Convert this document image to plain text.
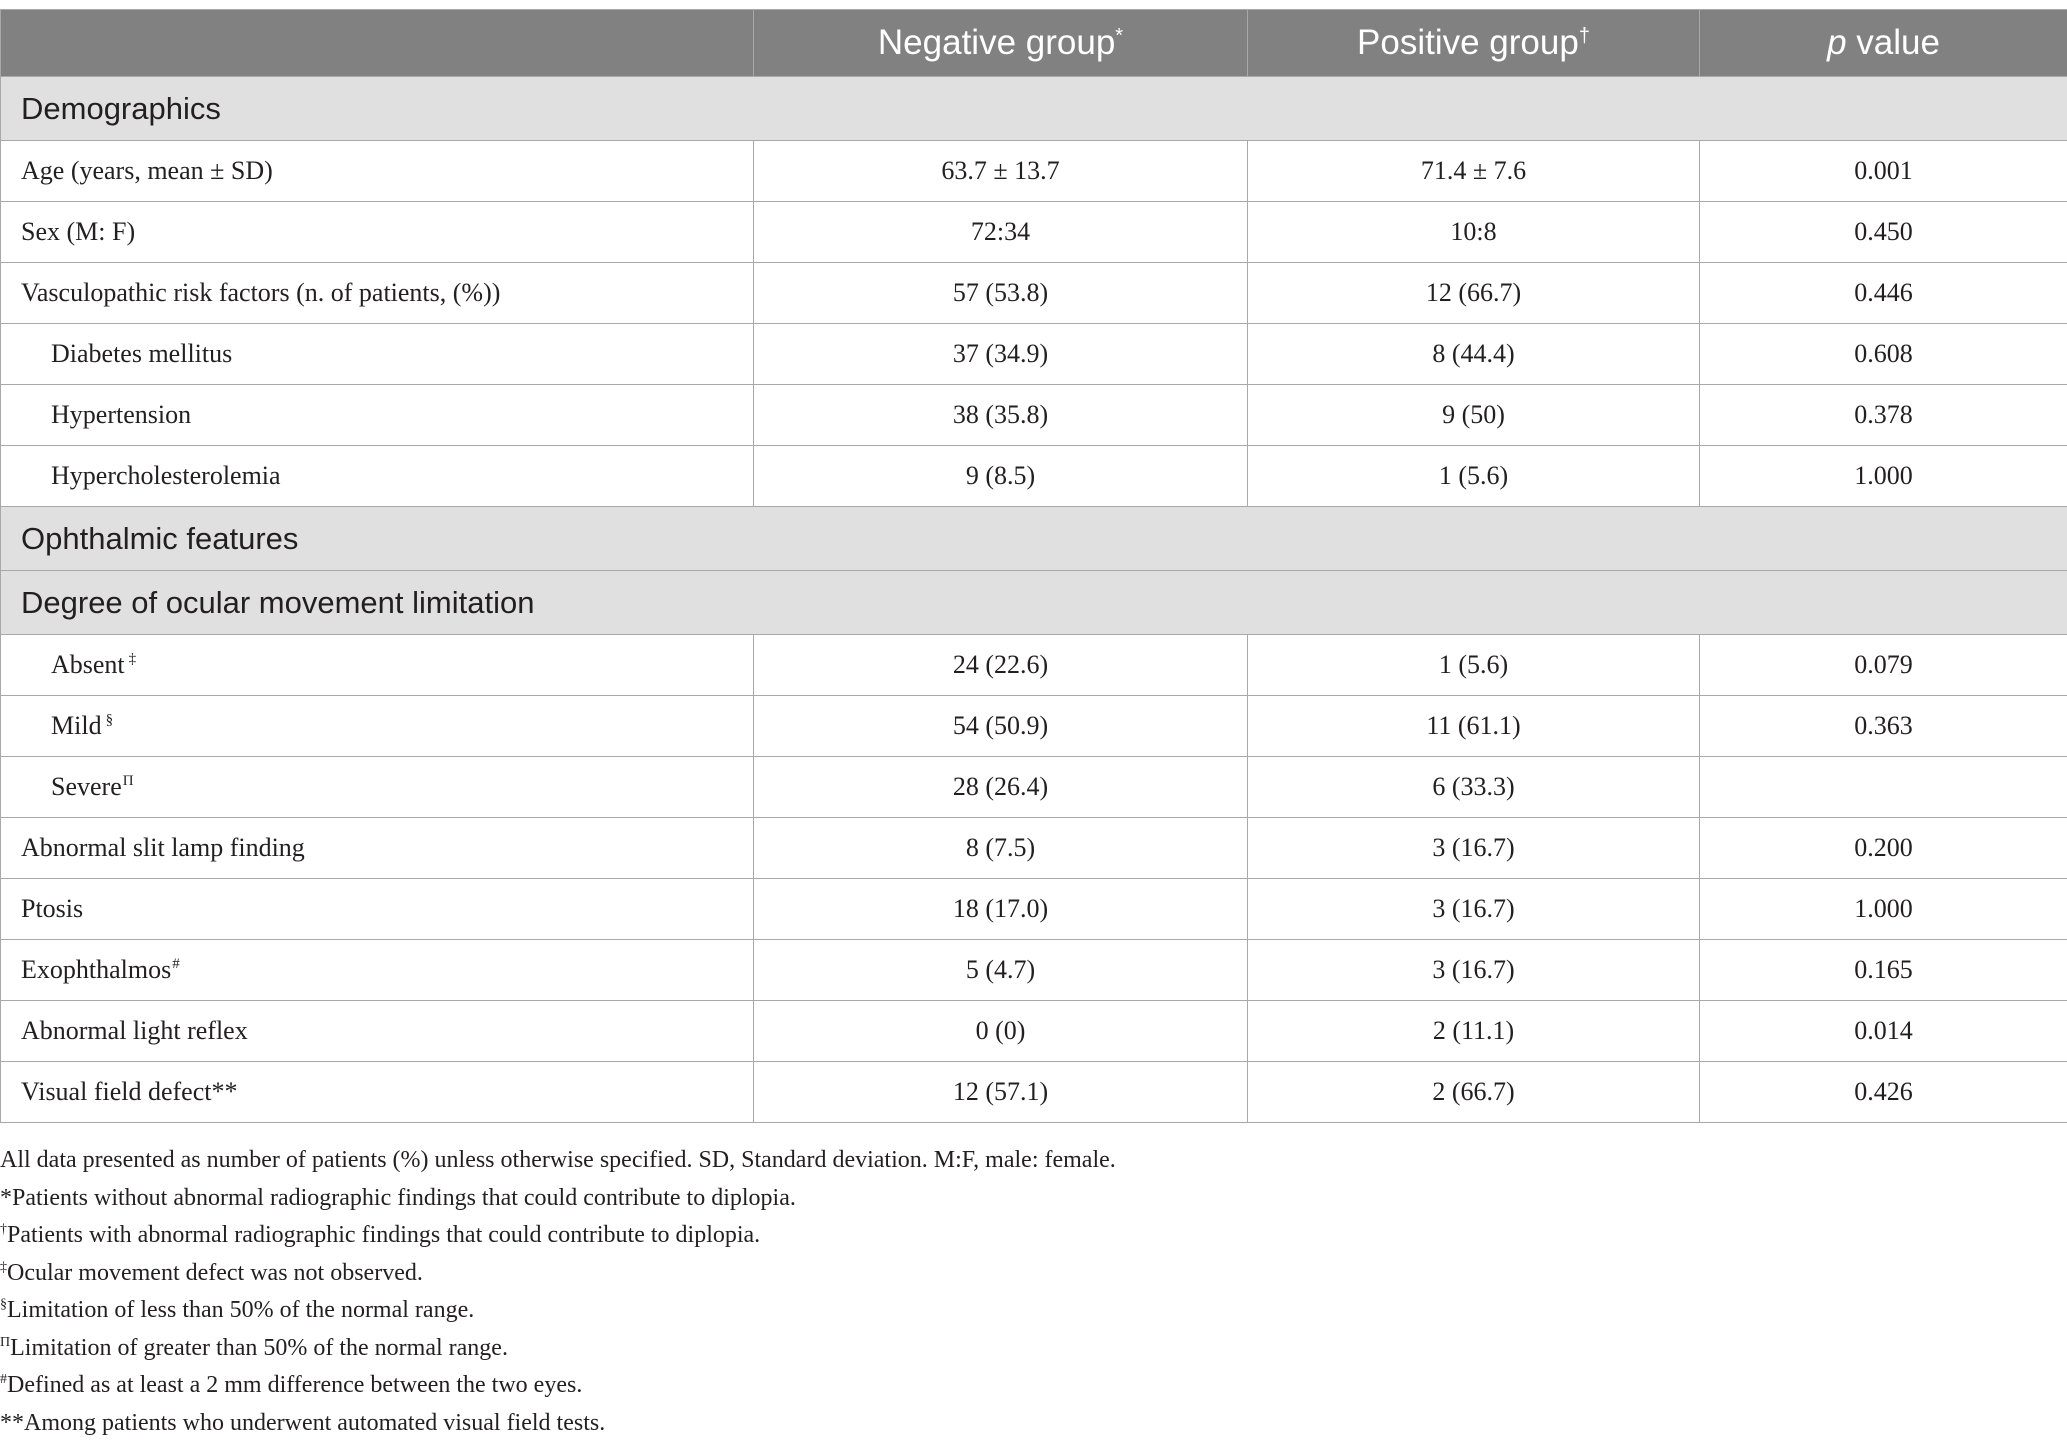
	Negative group*	Positive group†	p value
Demographics			
Age (years, mean ± SD)	63.7 ± 13.7	71.4 ± 7.6	0.001
Sex (M: F)	72:34	10:8	0.450
Vasculopathic risk factors (n. of patients, (%))	57 (53.8)	12 (66.7)	0.446
Diabetes mellitus	37 (34.9)	8 (44.4)	0.608
Hypertension	38 (35.8)	9 (50)	0.378
Hypercholesterolemia	9 (8.5)	1 (5.6)	1.000
Ophthalmic features			
Degree of ocular movement limitation			
Absent ‡	24 (22.6)	1 (5.6)	0.079
Mild §	54 (50.9)	11 (61.1)	0.363
Severe$^\Pi$	28 (26.4)	6 (33.3)	
Abnormal slit lamp finding	8 (7.5)	3 (16.7)	0.200
Ptosis	18 (17.0)	3 (16.7)	1.000
Exophthalmos#	5 (4.7)	3 (16.7)	0.165
Abnormal light reflex	0 (0)	2 (11.1)	0.014
Visual field defect**	12 (57.1)	2 (66.7)	0.426
All data presented as number of patients (%) unless otherwise specified. SD, Standard deviation. M:F, male: female.
*Patients without abnormal radiographic findings that could contribute to diplopia.
†Patients with abnormal radiographic findings that could contribute to diplopia.
‡Ocular movement defect was not observed.
§Limitation of less than 50% of the normal range.
$^\Pi$Limitation of greater than 50% of the normal range.
#Defined as at least a 2 mm difference between the two eyes.
**Among patients who underwent automated visual field tests.
